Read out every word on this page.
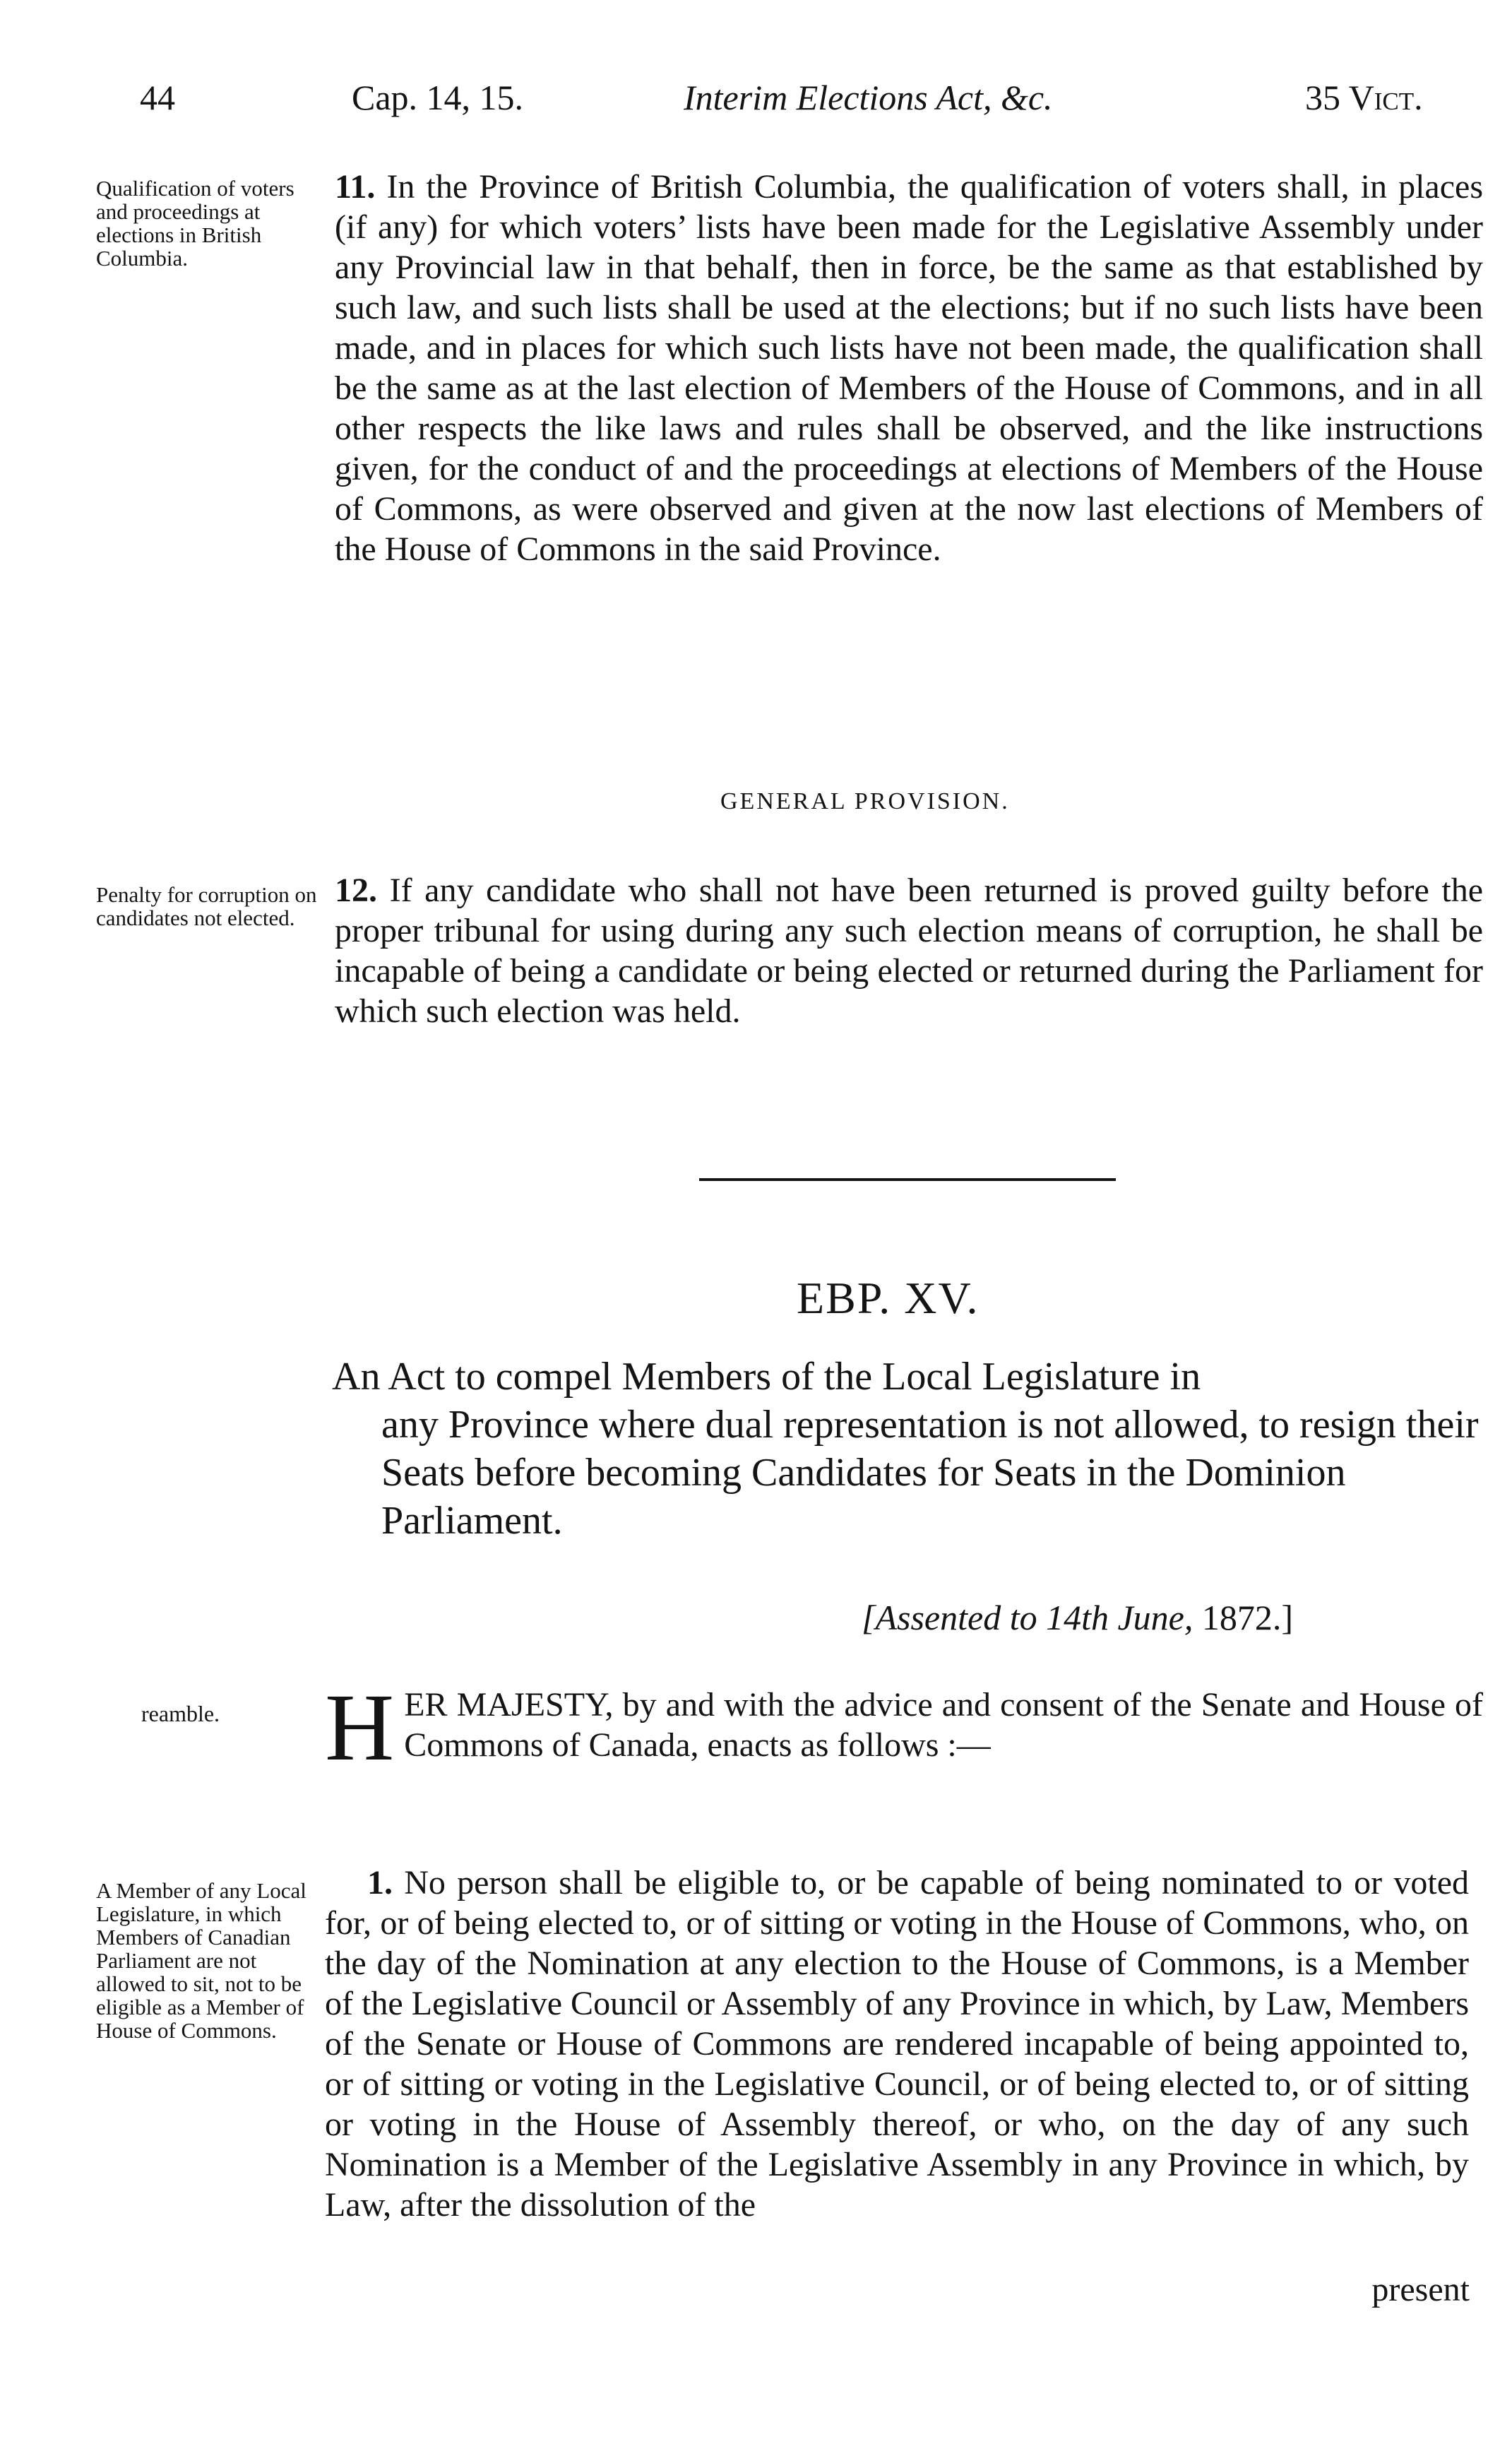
44	Cap. 14, 15.	Interim Elections Act, &c.	35 Vict.

Qualification of voters and proceedings at elections in British Columbia.

11. In the Province of British Columbia, the qualification of voters shall, in places (if any) for which voters’ lists have been made for the Legislative Assembly under any Provincial law in that behalf, then in force, be the same as that established by such law, and such lists shall be used at the elections; but if no such lists have been made, and in places for which such lists have not been made, the qualification shall be the same as at the last election of Members of the House of Commons, and in all other respects the like laws and rules shall be observed, and the like instructions given, for the conduct of and the proceedings at elections of Members of the House of Commons, as were observed and given at the now last elections of Members of the House of Commons in the said Province.

GENERAL PROVISION.

Penalty for corruption on candidates not elected.

12. If any candidate who shall not have been returned is proved guilty before the proper tribunal for using during any such election means of corruption, he shall be incapable of being a candidate or being elected or returned during the Parliament for which such election was held.

EBP. XV.
An Act to compel Members of the Local Legislature in
any Province where dual representation is not allowed, to resign their Seats before becoming Candidates for Seats in the Dominion Parliament.
[Assented to 14th June, 1872.]

reamble.	HER MAJESTY, by and with the advice and consent of the Senate and House of Commons of Canada, enacts as follows :—

A Member of any Local Legislature, in which Members of Canadian Parliament are not allowed to sit, not to be eligible as a Member of House of Commons.

1. No person shall be eligible to, or be capable of being nominated to or voted for, or of being elected to, or of sitting or voting in the House of Commons, who, on the day of the Nomination at any election to the House of Commons, is a Member of the Legislative Council or Assembly of any Province in which, by Law, Members of the Senate or House of Commons are rendered incapable of being appointed to, or of sitting or voting in the Legislative Council, or of being elected to, or of sitting or voting in the House of Assembly thereof, or who, on the day of any such Nomination is a Member of the Legislative Assembly in any Province in which, by Law, after the dissolution of the

present
